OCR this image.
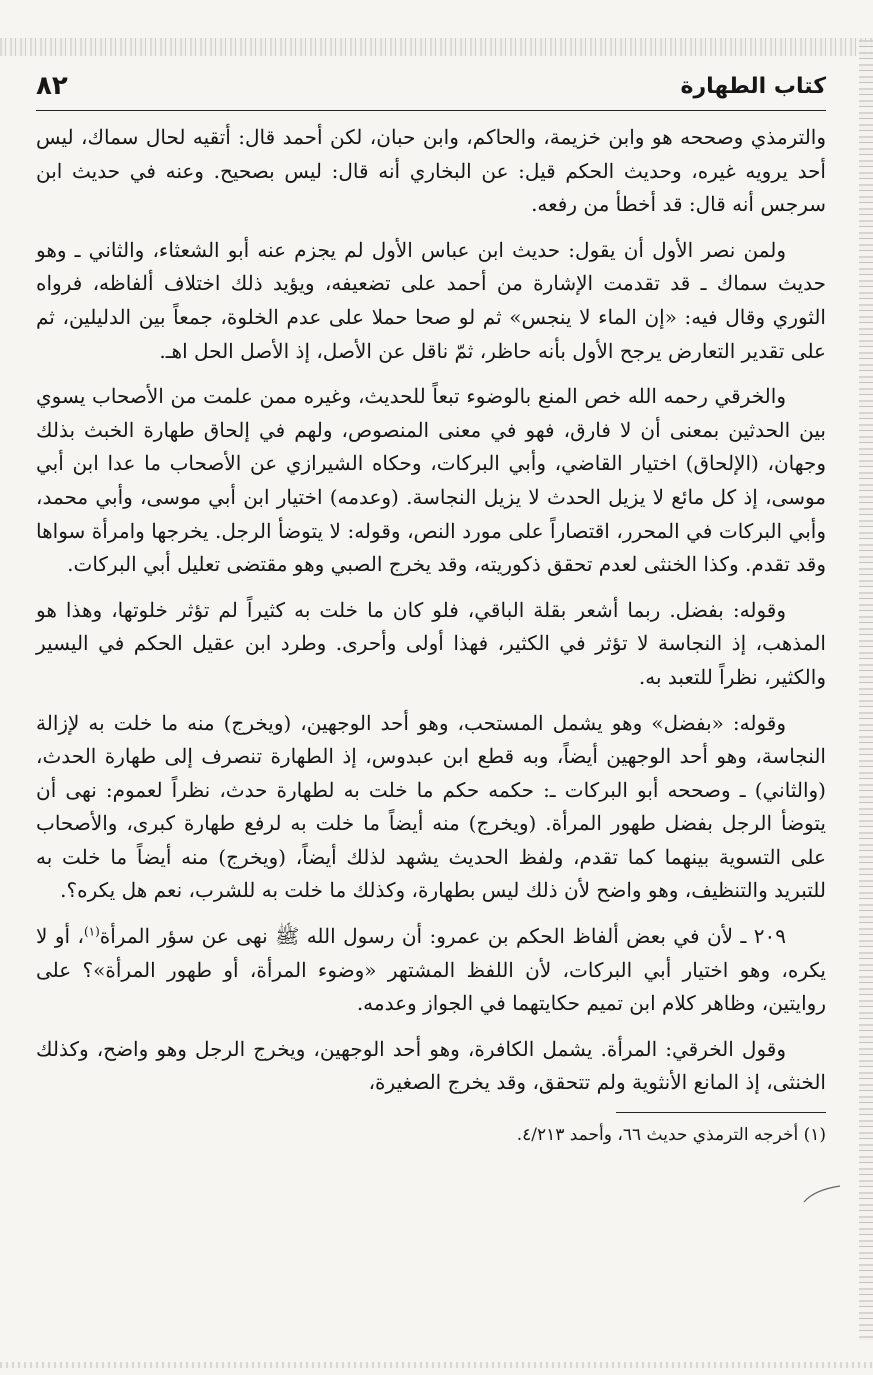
كتاب الطهارة
٨٢

والترمذي وصححه هو وابن خزيمة، والحاكم، وابن حبان، لكن أحمد قال: أتقيه لحال سماك، ليس أحد يرويه غيره، وحديث الحكم قيل: عن البخاري أنه قال: ليس بصحيح. وعنه في حديث ابن سرجس أنه قال: قد أخطأ من رفعه.

ولمن نصر الأول أن يقول: حديث ابن عباس الأول لم يجزم عنه أبو الشعثاء، والثاني ـ وهو حديث سماك ـ قد تقدمت الإشارة من أحمد على تضعيفه، ويؤيد ذلك اختلاف ألفاظه، فرواه الثوري وقال فيه: «إن الماء لا ينجس» ثم لو صحا حملا على عدم الخلوة، جمعاً بين الدليلين، ثم على تقدير التعارض يرجح الأول بأنه حاظر، ثمّ ناقل عن الأصل، إذ الأصل الحل اهـ.

والخرقي رحمه الله خص المنع بالوضوء تبعاً للحديث، وغيره ممن علمت من الأصحاب يسوي بين الحدثين بمعنى أن لا فارق، فهو في معنى المنصوص، ولهم في إلحاق طهارة الخبث بذلك وجهان، (الإلحاق) اختيار القاضي، وأبي البركات، وحكاه الشيرازي عن الأصحاب ما عدا ابن أبي موسى، إذ كل مائع لا يزيل الحدث لا يزيل النجاسة. (وعدمه) اختيار ابن أبي موسى، وأبي محمد، وأبي البركات في المحرر، اقتصاراً على مورد النص، وقوله: لا يتوضأ الرجل. يخرجها وامرأة سواها وقد تقدم. وكذا الخنثى لعدم تحقق ذكوريته، وقد يخرج الصبي وهو مقتضى تعليل أبي البركات.

وقوله: بفضل. ربما أشعر بقلة الباقي، فلو كان ما خلت به كثيراً لم تؤثر خلوتها، وهذا هو المذهب، إذ النجاسة لا تؤثر في الكثير، فهذا أولى وأحرى. وطرد ابن عقيل الحكم في اليسير والكثير، نظراً للتعبد به.

وقوله: «بفضل» وهو يشمل المستحب، وهو أحد الوجهين، (ويخرج) منه ما خلت به لإزالة النجاسة، وهو أحد الوجهين أيضاً، وبه قطع ابن عبدوس، إذ الطهارة تنصرف إلى طهارة الحدث، (والثاني) ـ وصححه أبو البركات ـ: حكمه حكم ما خلت به لطهارة حدث، نظراً لعموم: نهى أن يتوضأ الرجل بفضل طهور المرأة. (ويخرج) منه أيضاً ما خلت به لرفع طهارة كبرى، والأصحاب على التسوية بينهما كما تقدم، ولفظ الحديث يشهد لذلك أيضاً، (ويخرج) منه أيضاً ما خلت به للتبريد والتنظيف، وهو واضح لأن ذلك ليس بطهارة، وكذلك ما خلت به للشرب، نعم هل يكره؟.

٢٠٩ ـ لأن في بعض ألفاظ الحكم بن عمرو: أن رسول الله ﷺ نهى عن سؤر المرأة$^{(١)}$، أو لا يكره، وهو اختيار أبي البركات، لأن اللفظ المشتهر «وضوء المرأة، أو طهور المرأة»؟ على روايتين، وظاهر كلام ابن تميم حكايتهما في الجواز وعدمه.

وقول الخرقي: المرأة. يشمل الكافرة، وهو أحد الوجهين، ويخرج الرجل وهو واضح، وكذلك الخنثى، إذ المانع الأنثوية ولم تتحقق، وقد يخرج الصغيرة،

(١) أخرجه الترمذي حديث ٦٦، وأحمد ٤/٢١٣.
